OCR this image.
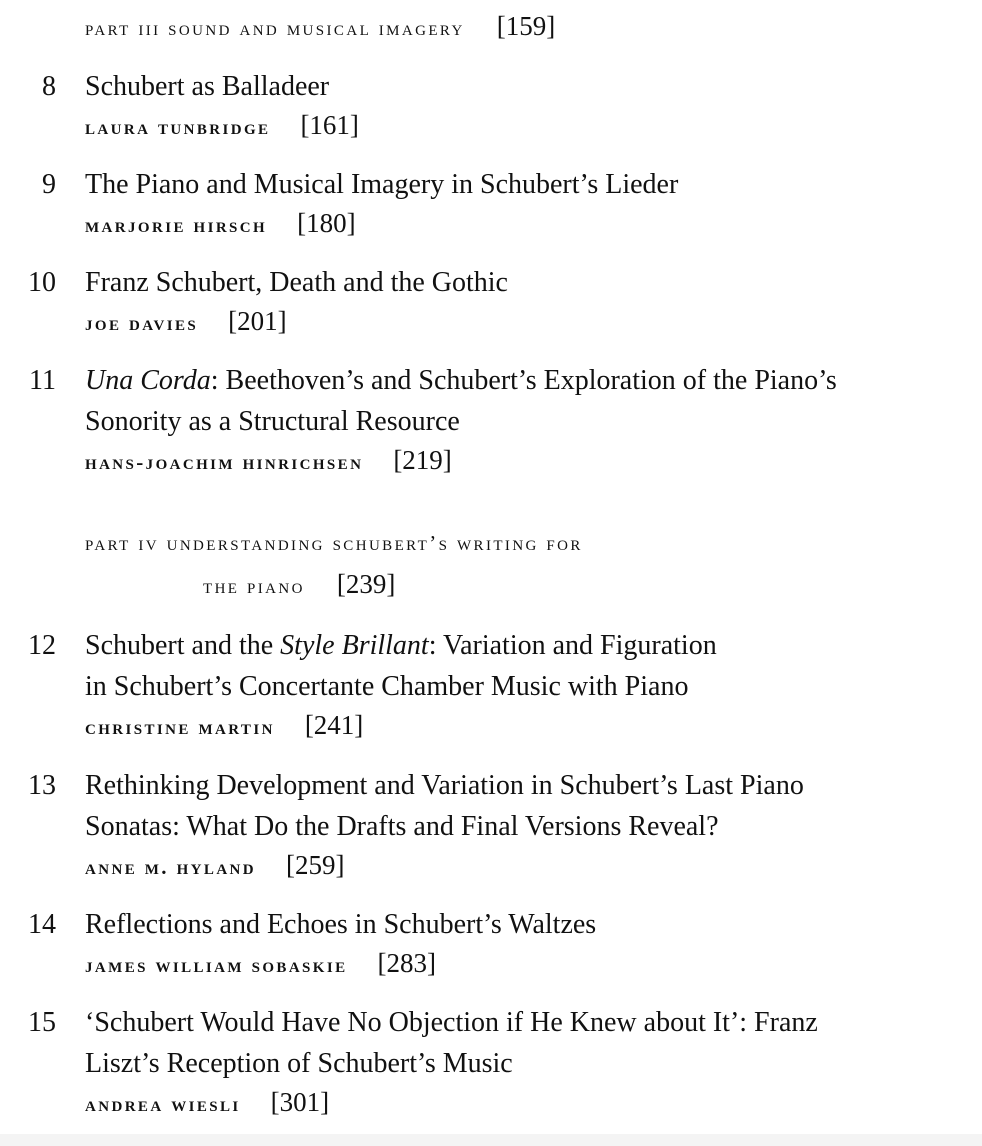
part iii sound and musical imagery [159]
8 Schubert as Balladeer
laura tunbridge [161]
9 The Piano and Musical Imagery in Schubert’s Lieder
marjorie hirsch [180]
10 Franz Schubert, Death and the Gothic
joe davies [201]
11 Una Corda: Beethoven’s and Schubert’s Exploration of the Piano’s
Sonority as a Structural Resource
hans-joachim hinrichsen [219]
part iv understanding schubert’s writing for
the piano [239]
12 Schubert and the Style Brillant: Variation and Figuration
in Schubert’s Concertante Chamber Music with Piano
christine martin [241]
13 Rethinking Development and Variation in Schubert’s Last Piano
Sonatas: What Do the Drafts and Final Versions Reveal?
anne m. hyland [259]
14 Reflections and Echoes in Schubert’s Waltzes
james william sobaskie [283]
15 ‘Schubert Would Have No Objection if He Knew about It’: Franz
Liszt’s Reception of Schubert’s Music
andrea wiesli [301]
